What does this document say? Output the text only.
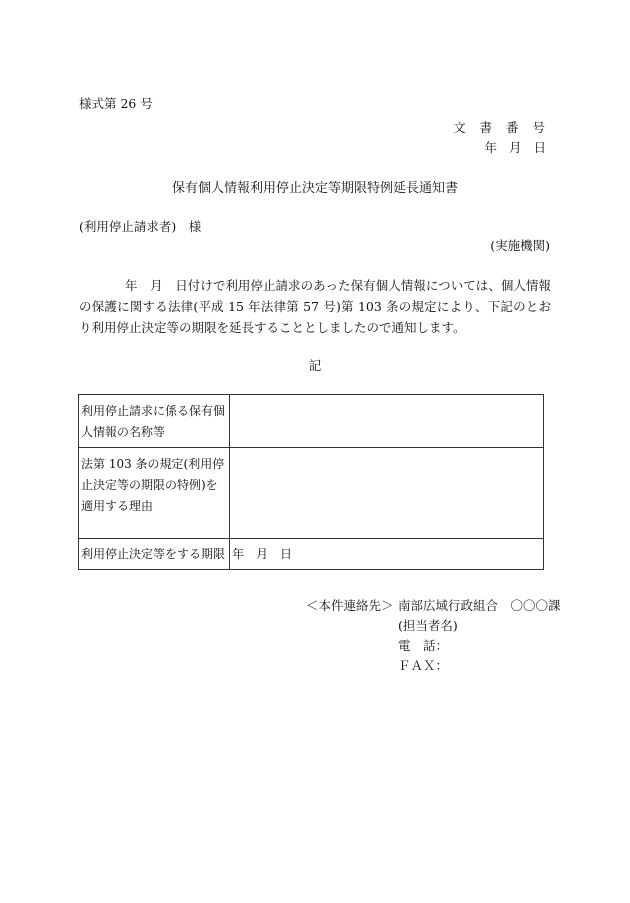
様式第 26 号
文 書 番 号
年 月 日
保有個人情報利用停止決定等期限特例延長通知書
(利用停止請求者)　様
(実施機関)
年　月　日付けで利用停止請求のあった保有個人情報については、個人情報の保護に関する法律(平成 15 年法律第 57 号)第 103 条の規定により、下記のとおり利用停止決定等の期限を延長することとしましたので通知します。
記
利用停止請求に係る保有個人情報の名称等	
法第 103 条の規定(利用停止決定等の期限の特例)を適用する理由	
利用停止決定等をする期限	年　月　日
＜本件連絡先＞ 南部広域行政組合　〇〇〇課
(担当者名)
電　話：
ＦＡＸ：
